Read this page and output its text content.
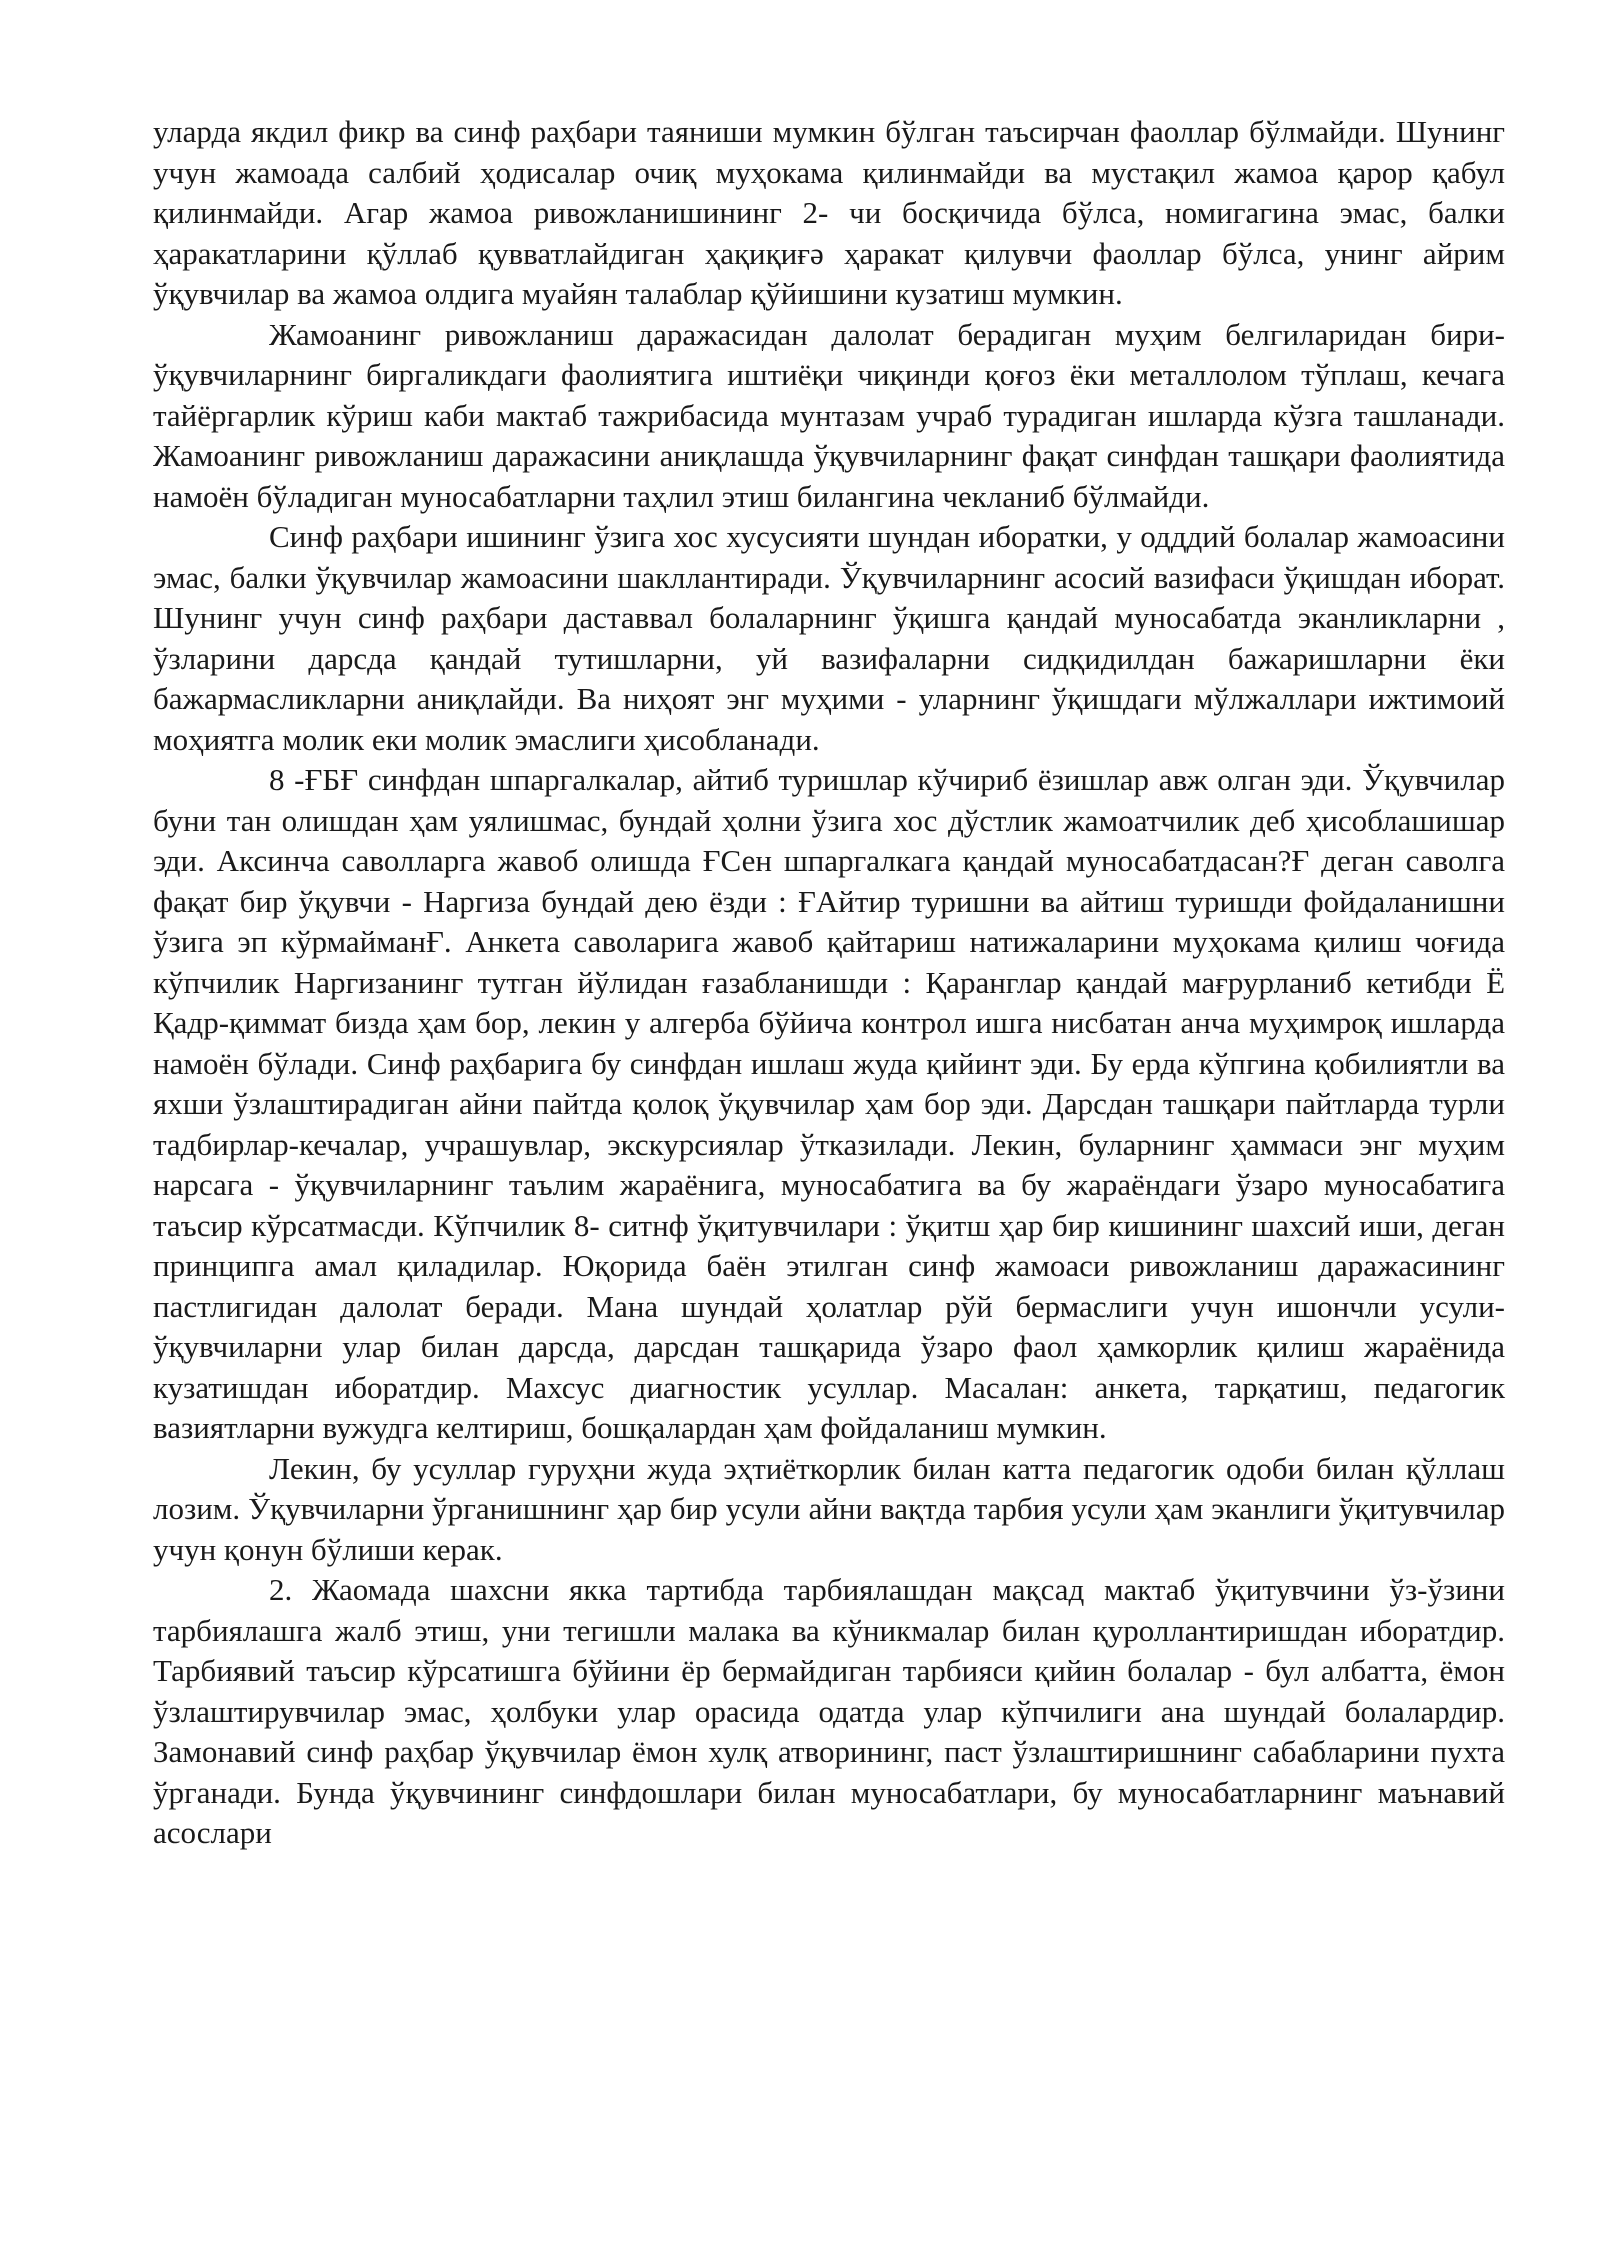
уларда якдил фикр ва синф раҳбари таяниши мумкин бўлган таъсирчан фаоллар бўлмайди. Шунинг учун жамоада салбий ҳодисалар очиқ муҳокама қилинмайди ва мустақил жамоа қарор қабул қилинмайди. Агар жамоа ривожланишининг 2- чи босқичида бўлса, номигагина эмас, балки ҳаракатларини қўллаб қувватлайдиган ҳақиқиғә ҳаракат қилувчи фаоллар бўлса, унинг айрим ўқувчилар ва жамоа олдига муайян талаблар қўйишини кузатиш мумкин.

Жамоанинг ривожланиш даражасидан далолат берадиган муҳим белгиларидан бири- ўқувчиларнинг биргаликдаги фаолиятига иштиёқи чиқинди қоғоз ёки металлолом тўплаш, кечага тайёргарлик кўриш каби мактаб тажрибасида мунтазам учраб турадиган ишларда кўзга ташланади. Жамоанинг ривожланиш даражасини аниқлашда ўқувчиларнинг фақат синфдан ташқари фаолиятида намоён бўладиган муносабатларни таҳлил этиш билангина чекланиб бўлмайди.

Синф раҳбари ишининг ўзига хос хусусияти шундан иборатки, у одддий болалар жамоасини эмас, балки ўқувчилар жамоасини шакллантиради. Ўқувчиларнинг асосий вазифаси ўқишдан иборат. Шунинг учун синф раҳбари даставвал болаларнинг ўқишга қандай муносабатда эканликларни , ўзларини дарсда қандай тутишларни, уй вазифаларни сидқидилдан бажаришларни ёки бажармасликларни аниқлайди. Ва ниҳоят энг муҳими - уларнинг ўқишдаги мўлжаллари ижтимоий моҳиятга молик еки молик эмаслиги ҳисобланади.

8 -ҒБҒ синфдан шпаргалкалар, айтиб туришлар кўчириб ёзишлар авж олган эди. Ўқувчилар буни тан олишдан ҳам уялишмас, бундай ҳолни ўзига хос дўстлик жамоатчилик деб ҳисоблашишар эди. Аксинча саволларга жавоб олишда ҒСен шпаргалкага қандай муносабатдасан?Ғ деган саволга фақат бир ўқувчи - Наргиза бундай дею ёзди : ҒАйтир туришни ва айтиш туришди фойдаланишни ўзига эп кўрмайманҒ. Анкета саволарига жавоб қайтариш натижаларини муҳокама қилиш чоғида кўпчилик Наргизанинг тутган йўлидан ғазабланишди : Қаранглар қандай мағрурланиб кетибди Ё Қадр-қиммат бизда ҳам бор, лекин у алгерба бўйича контрол ишга нисбатан анча муҳимроқ ишларда намоён бўлади. Синф раҳбарига бу синфдан ишлаш жуда қийинт эди. Бу ерда кўпгина қобилиятли ва яхши ўзлаштирадиган айни пайтда қолоқ ўқувчилар ҳам бор эди. Дарсдан ташқари пайтларда турли тадбирлар-кечалар, учрашувлар, экскурсиялар ўтказилади. Лекин, буларнинг ҳаммаси энг муҳим нарсага - ўқувчиларнинг таълим жараёнига, муносабатига ва бу жараёндаги ўзаро муносабатига таъсир кўрсатмасди. Кўпчилик 8- ситнф ўқитувчилари : ўқитш ҳар бир кишининг шахсий иши, деган принципга амал қиладилар. Юқорида баён этилган синф жамоаси ривожланиш даражасининг пастлигидан далолат беради. Мана шундай ҳолатлар рўй бермаслиги учун ишончли усули-ўқувчиларни улар билан дарсда, дарсдан ташқарида ўзаро фаол ҳамкорлик қилиш жараёнида кузатишдан иборатдир. Махсус диагностик усуллар. Масалан: анкета, тарқатиш, педагогик вазиятларни вужудга келтириш, бошқалардан ҳам фойдаланиш мумкин.

Лекин, бу усуллар гуруҳни жуда эҳтиёткорлик билан катта педагогик одоби билан қўллаш лозим. Ўқувчиларни ўрганишнинг ҳар бир усули айни вақтда тарбия усули ҳам эканлиги ўқитувчилар учун қонун бўлиши керак.

2. Жаомада шахсни якка тартибда тарбиялашдан мақсад мактаб ўқитувчини ўз-ўзини тарбиялашга жалб этиш, уни тегишли малака ва кўникмалар билан қуроллантиришдан иборатдир. Тарбиявий таъсир кўрсатишга бўйини ёр бермайдиган тарбияси қийин болалар - бул албатта, ёмон ўзлаштирувчилар эмас, ҳолбуки улар орасида одатда улар кўпчилиги ана шундай болалардир. Замонавий синф раҳбар ўқувчилар ёмон хулқ атворининг, паст ўзлаштиришнинг сабабларини пухта ўрганади. Бунда ўқувчининг синфдошлари билан муносабатлари, бу муносабатларнинг маънавий асослари
